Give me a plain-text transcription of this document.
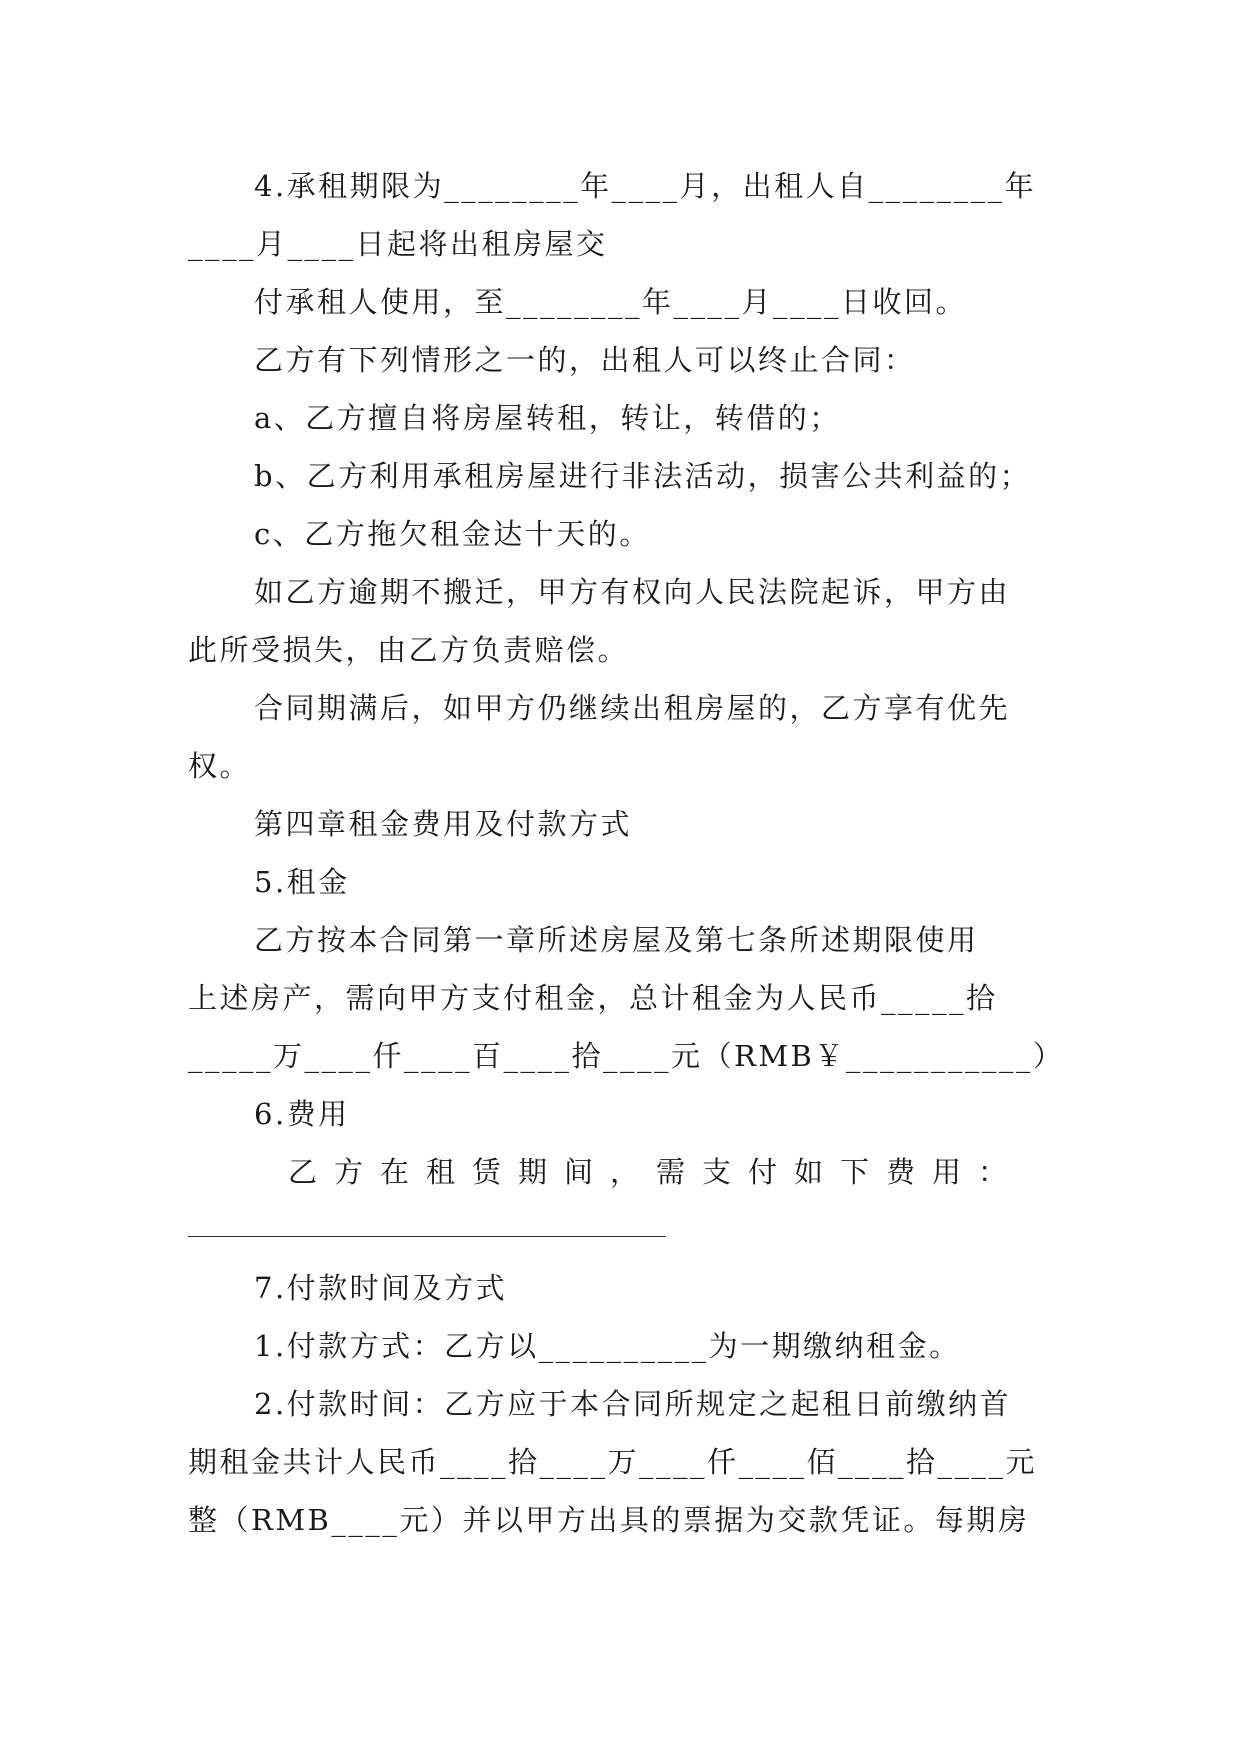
4.承租期限为________年____月，出租人自________年
____月____日起将出租房屋交
付承租人使用，至________年____月____日收回。
乙方有下列情形之一的，出租人可以终止合同：
a、乙方擅自将房屋转租，转让，转借的；
b、乙方利用承租房屋进行非法活动，损害公共利益的；
c、乙方拖欠租金达十天的。
如乙方逾期不搬迁，甲方有权向人民法院起诉，甲方由
此所受损失，由乙方负责赔偿。
合同期满后，如甲方仍继续出租房屋的，乙方享有优先
权。
第四章租金费用及付款方式
5.租金
乙方按本合同第一章所述房屋及第七条所述期限使用
上述房产，需向甲方支付租金，总计租金为人民币_____拾
_____万____仟____百____拾____元（RMB￥___________）
6.费用
乙方在租赁期间，需支付如下费用：
7.付款时间及方式
1.付款方式：乙方以__________为一期缴纳租金。
2.付款时间：乙方应于本合同所规定之起租日前缴纳首
期租金共计人民币____拾____万____仟____佰____拾____元
整（RMB____元）并以甲方出具的票据为交款凭证。每期房
